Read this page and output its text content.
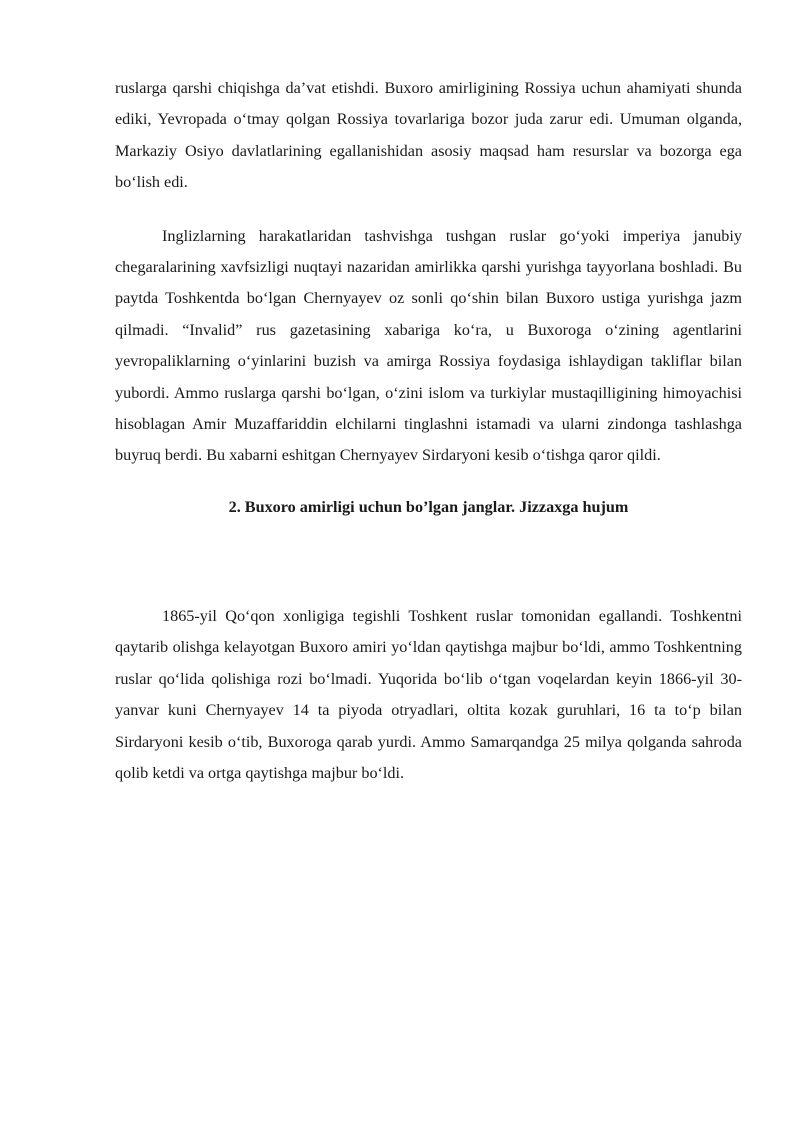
ruslarga qarshi chiqishga da’vat etishdi. Buxoro amirligining Rossiya uchun ahamiyati shunda ediki, Yevropada o‘tmay qolgan Rossiya tovarlariga bozor juda zarur edi. Umuman olganda, Markaziy Osiyo davlatlarining egallanishidan asosiy maqsad ham resurslar va bozorga ega bo‘lish edi.

Inglizlarning harakatlaridan tashvishga tushgan ruslar go‘yoki imperiya janubiy chegaralarining xavfsizligi nuqtayi nazaridan amirlikka qarshi yurishga tayyorlana boshladi. Bu paytda Toshkentda bo‘lgan Chernyayev oz sonli qo‘shin bilan Buxoro ustiga yurishga jazm qilmadi. “Invalid” rus gazetasining xabariga ko‘ra, u Buxoroga o‘zining agentlarini yevropaliklarning o‘yinlarini buzish va amirga Rossiya foydasiga ishlaydigan takliflar bilan yubordi. Ammo ruslarga qarshi bo‘lgan, o‘zini islom va turkiylar mustaqilligining himoyachisi hisoblagan Amir Muzaffariddin elchilarni tinglashni istamadi va ularni zindonga tashlashga buyruq berdi. Bu xabarni eshitgan Chernyayev Sirdaryoni kesib o‘tishga qaror qildi.

2. Buxoro amirligi uchun bo’lgan janglar. Jizzaxga hujum

1865-yil Qo‘qon xonligiga tegishli Toshkent ruslar tomonidan egallandi. Toshkentni qaytarib olishga kelayotgan Buxoro amiri yo‘ldan qaytishga majbur bo‘ldi, ammo Toshkentning ruslar qo‘lida qolishiga rozi bo‘lmadi. Yuqorida bo‘lib o‘tgan voqelardan keyin 1866-yil 30-yanvar kuni Chernyayev 14 ta piyoda otryadlari, oltita kozak guruhlari, 16 ta to‘p bilan Sirdaryoni kesib o‘tib, Buxoroga qarab yurdi. Ammo Samarqandga 25 milya qolganda sahroda qolib ketdi va ortga qaytishga majbur bo‘ldi.
